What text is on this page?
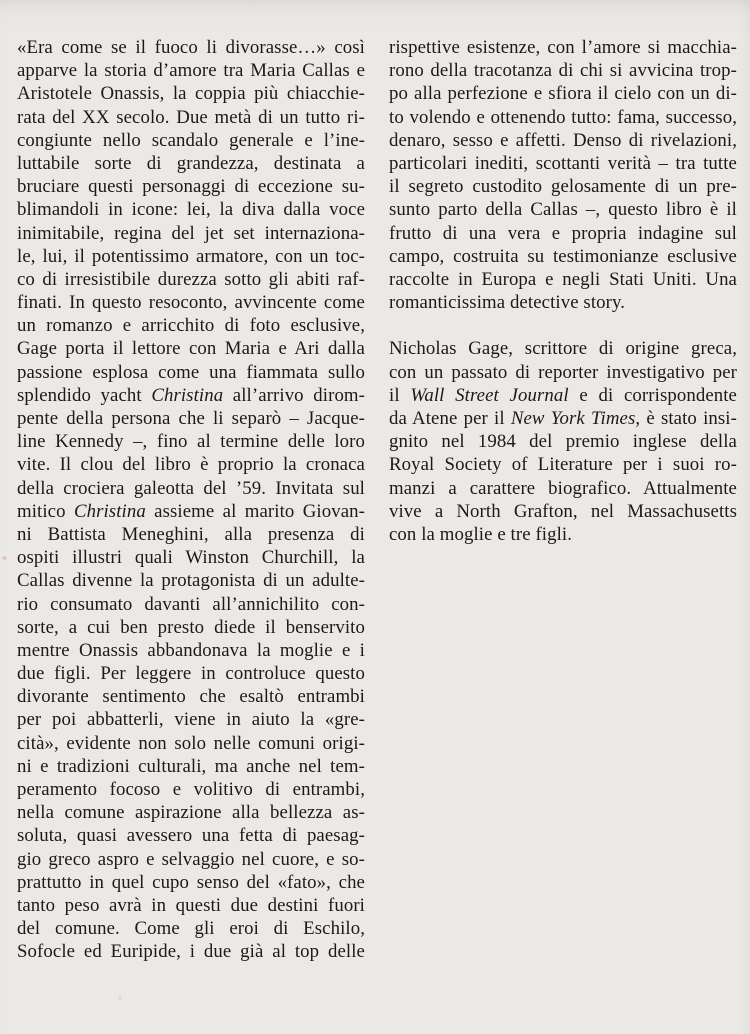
«Era come se il fuoco li divorasse…» così
apparve la storia d’amore tra Maria Callas e
Aristotele Onassis, la coppia più chiacchie-
rata del XX secolo. Due metà di un tutto ri-
congiunte nello scandalo generale e l’ine-
luttabile sorte di grandezza, destinata a
bruciare questi personaggi di eccezione su-
blimandoli in icone: lei, la diva dalla voce
inimitabile, regina del jet set internaziona-
le, lui, il potentissimo armatore, con un toc-
co di irresistibile durezza sotto gli abiti raf-
finati. In questo resoconto, avvincente come
un romanzo e arricchito di foto esclusive,
Gage porta il lettore con Maria e Ari dalla
passione esplosa come una fiammata sullo
splendido yacht Christina all’arrivo dirom-
pente della persona che li separò – Jacque-
line Kennedy –, fino al termine delle loro
vite. Il clou del libro è proprio la cronaca
della crociera galeotta del ’59. Invitata sul
mitico Christina assieme al marito Giovan-
ni Battista Meneghini, alla presenza di
ospiti illustri quali Winston Churchill, la
Callas divenne la protagonista di un adulte-
rio consumato davanti all’annichilito con-
sorte, a cui ben presto diede il benservito
mentre Onassis abbandonava la moglie e i
due figli. Per leggere in controluce questo
divorante sentimento che esaltò entrambi
per poi abbatterli, viene in aiuto la «gre-
cità», evidente non solo nelle comuni origi-
ni e tradizioni culturali, ma anche nel tem-
peramento focoso e volitivo di entrambi,
nella comune aspirazione alla bellezza as-
soluta, quasi avessero una fetta di paesag-
gio greco aspro e selvaggio nel cuore, e so-
prattutto in quel cupo senso del «fato», che
tanto peso avrà in questi due destini fuori
del comune. Come gli eroi di Eschilo,
Sofocle ed Euripide, i due già al top delle
rispettive esistenze, con l’amore si macchia-
rono della tracotanza di chi si avvicina trop-
po alla perfezione e sfiora il cielo con un di-
to volendo e ottenendo tutto: fama, successo,
denaro, sesso e affetti. Denso di rivelazioni,
particolari inediti, scottanti verità – tra tutte
il segreto custodito gelosamente di un pre-
sunto parto della Callas –, questo libro è il
frutto di una vera e propria indagine sul
campo, costruita su testimonianze esclusive
raccolte in Europa e negli Stati Uniti. Una
romanticissima detective story.
Nicholas Gage, scrittore di origine greca,
con un passato di reporter investigativo per
il Wall Street Journal e di corrispondente
da Atene per il New York Times, è stato insi-
gnito nel 1984 del premio inglese della
Royal Society of Literature per i suoi ro-
manzi a carattere biografico. Attualmente
vive a North Grafton, nel Massachusetts
con la moglie e tre figli.
